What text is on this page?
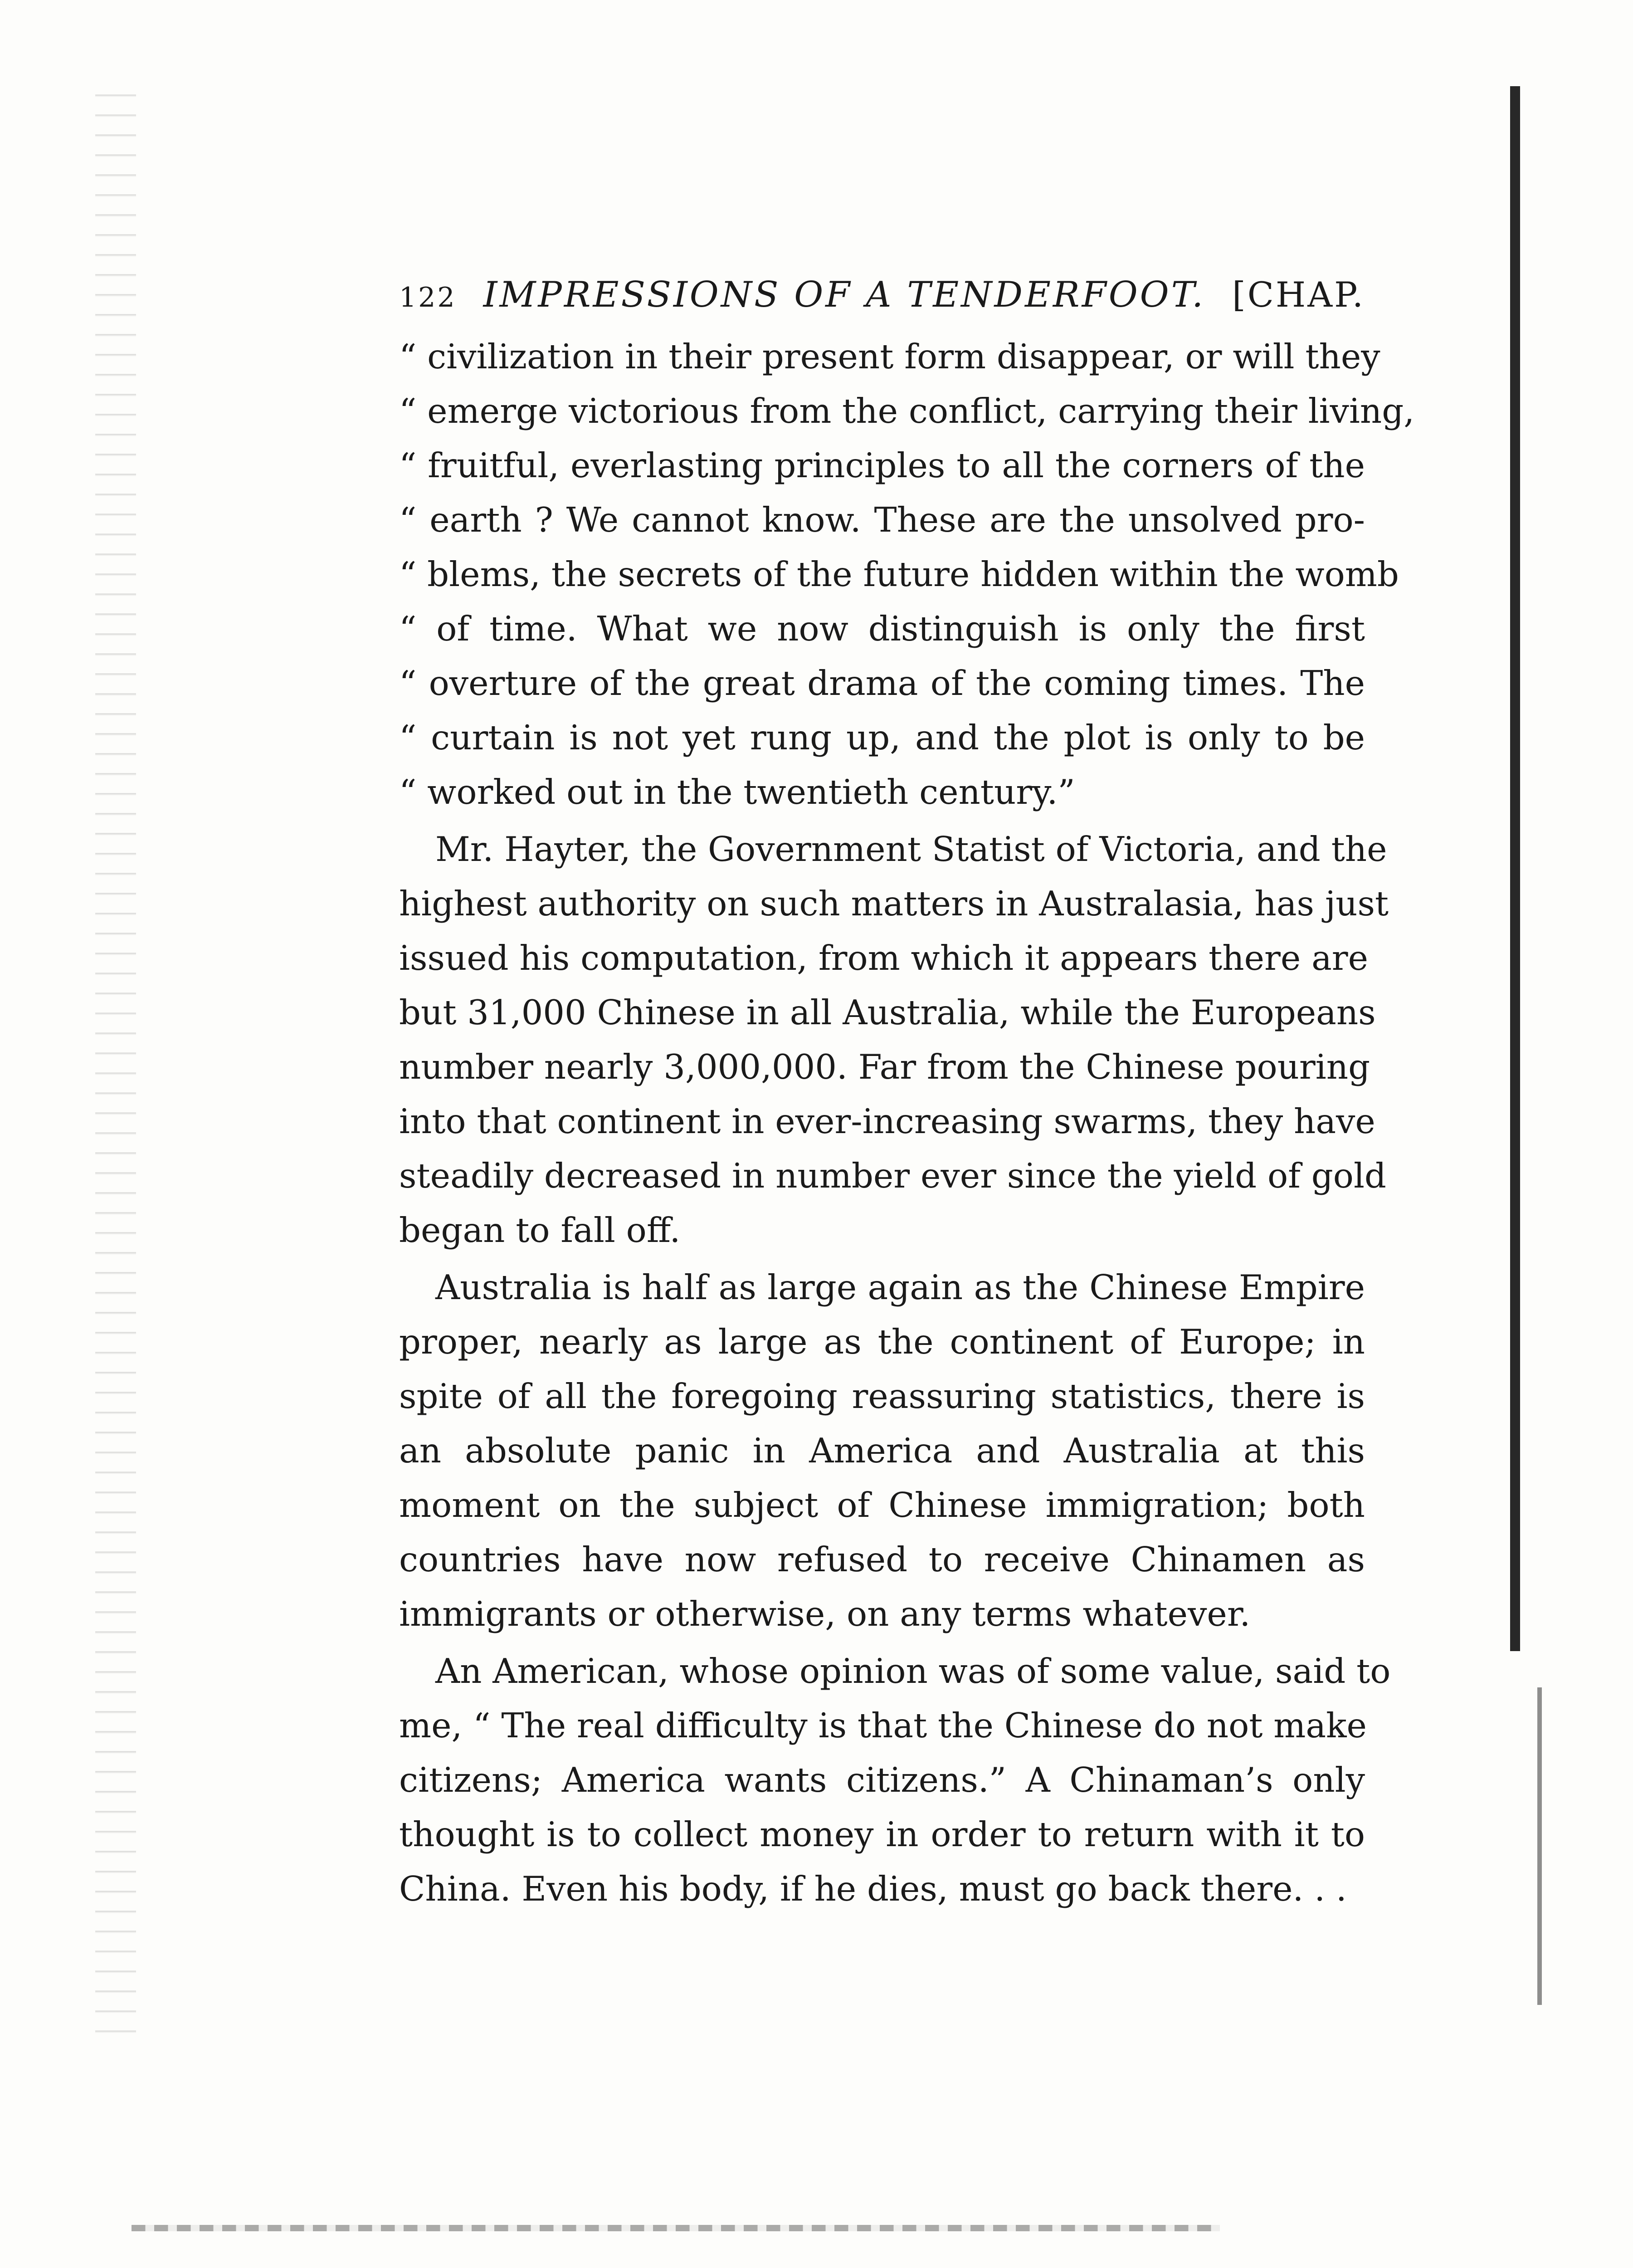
122 IMPRESSIONS OF A TENDERFOOT. [CHAP.
“ civilization in their present form disappear, or will they
“ emerge victorious from the conflict, carrying their living,
“ fruitful, everlasting principles to all the corners of the
“ earth ? We cannot know. These are the unsolved pro-
“ blems, the secrets of the future hidden within the womb
“ of time. What we now distinguish is only the first
“ overture of the great drama of the coming times. The
“ curtain is not yet rung up, and the plot is only to be
“ worked out in the twentieth century.”
Mr. Hayter, the Government Statist of Victoria, and the
highest authority on such matters in Australasia, has just
issued his computation, from which it appears there are
but 31,000 Chinese in all Australia, while the Europeans
number nearly 3,000,000. Far from the Chinese pouring
into that continent in ever-increasing swarms, they have
steadily decreased in number ever since the yield of gold
began to fall off.
Australia is half as large again as the Chinese Empire
proper, nearly as large as the continent of Europe; in
spite of all the foregoing reassuring statistics, there is
an absolute panic in America and Australia at this
moment on the subject of Chinese immigration; both
countries have now refused to receive Chinamen as
immigrants or otherwise, on any terms whatever.
An American, whose opinion was of some value, said to
me, “ The real difficulty is that the Chinese do not make
citizens; America wants citizens.” A Chinaman’s only
thought is to collect money in order to return with it to
China. Even his body, if he dies, must go back there. . .
